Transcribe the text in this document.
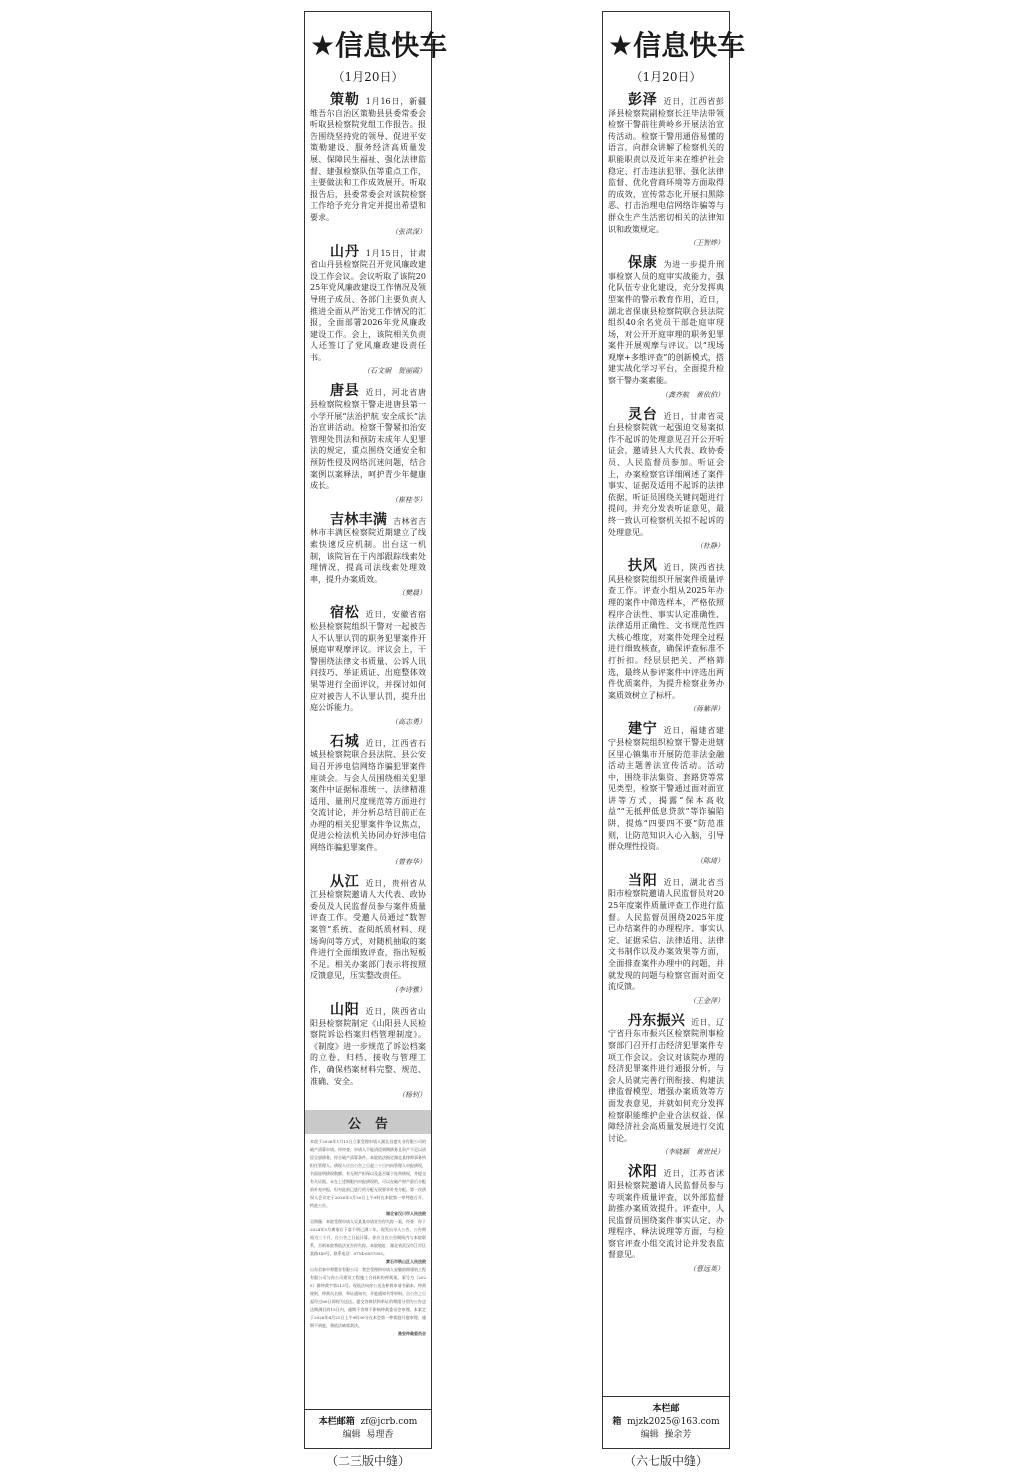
★信息快车
（1月20日）

策勒 1月16日，新疆维吾尔自治区策勒县县委常委会听取县检察院党组工作报告。报告围绕坚持党的领导、促进平安策勒建设、服务经济高质量发展、保障民生福祉、强化法律监督、建强检察队伍等重点工作，主要做法和工作成效展开。听取报告后，县委常委会对该院检察工作给予充分肯定并提出希望和要求。

（张洪深）

山丹 1月15日，甘肃省山丹县检察院召开党风廉政建设工作会议。会议听取了该院2025年党风廉政建设工作情况及领导班子成员、各部门主要负责人推进全面从严治党工作情况的汇报，全面部署2026年党风廉政建设工作。会上，该院相关负责人还签订了党风廉政建设责任书。

（石文炯　贺丽霞）

唐县 近日，河北省唐县检察院检察干警走进唐县第一小学开展“法治护航 安全成长”法治宣讲活动。检察干警紧扣治安管理处罚法和预防未成年人犯罪法的规定，重点围绕交通安全和预防性侵及网络沉迷问题，结合案例以案释法，呵护青少年健康成长。

（崔桂苓）

吉林丰满 吉林省吉林市丰满区检察院近期建立了线索快速反应机制。出台这一机制，该院旨在于内部跟踪线索处理情况，提高司法线索处理效率，提升办案质效。

（樊晨）

宿松 近日，安徽省宿松县检察院组织干警对一起被告人不认罪认罚的职务犯罪案件开展庭审观摩评议。评议会上，干警围绕法律文书质量、公诉人讯问技巧、举证质证、出庭整体效果等进行全面评议，并探讨如何应对被告人不认罪认罚，提升出庭公诉能力。

（高志勇）

石城 近日，江西省石城县检察院联合县法院、县公安局召开涉电信网络诈骗犯罪案件座谈会。与会人员围绕相关犯罪案件中证据标准统一、法律精准适用、量刑尺度规范等方面进行交流讨论，并分析总结目前正在办理的相关犯罪案件争议焦点，促进公检法机关协同办好涉电信网络诈骗犯罪案件。

（曾春华）

从江 近日，贵州省从江县检察院邀请人大代表、政协委员及人民监督员参与案件质量评查工作。受邀人员通过“数智案管”系统、查阅纸质材料、现场询问等方式，对随机抽取的案件进行全面细致评查，指出短板不足。相关办案部门表示将按照反馈意见，压实整改责任。

（李诗雅）

山阳 近日，陕西省山阳县检察院制定《山阳县人民检察院诉讼档案归档管理制度》。《制度》进一步规范了诉讼档案的立卷、归档、接收与管理工作，确保档案材料完整、规范、准确、安全。

（杨钊）
公告
本院于2026年1月13日立案受理申请人湖北昌盛实业有限公司的破产清算申请。经审查，申请人不能清偿到期债务且资产不足以清偿全部债务，符合破产清算条件。本院依法指定湖北某律师事务所担任管理人。债权人应自公告之日起三十日内向管理人申报债权，书面说明债权数额、有无财产担保以及是否属于连带债权，并提交有关证据。未在上述期限内申报债权的，可以在破产财产最后分配前补充申报，但对此前已进行的分配无权要求补充分配。第一次债权人会议定于2026年3月20日上午9时在本院第一审判庭召开。特此公告。
湖北省汉川市人民法院
吴锦薇：本院受理申请人吴某某申请宣告你失踪一案，经查：你于2024年5月离家后下落不明已满二年。现发出寻人公告，公告期间为三个月，自公告之日起计算。你应当在公告期间内与本院联系，否则本院将依法宣告你失踪。本院地址：湖北省武汉市江岸区某路149号，联系电话：0714-6557055。
黄石市铁山区人民法院
山东君泰中和置业有限公司：我会受理的申请人安徽前锦建筑工程有限公司与你公司建设工程施工合同纠纷仲裁案，案号为（2025）滁仲裁字第213号。现依法向你公送达仲裁申请书副本、仲裁规则、仲裁员名册、举证通知书、开庭通知书等材料。自公告之日起经过60日即视为送达。提交答辩状和举证的期限分别为公告送达期满后的15日内，逾期不答辩不影响仲裁委员会审理。本案定于2026年4月21日上午9时30分在本会第一仲裁庭开庭审理，逾期不到庭，将依法缺席裁决。
淮安仲裁委员会
本栏邮箱 zf@jcrb.com
编辑 易理香
（二三版中缝）
★信息快车
（1月20日）

彭泽 近日，江西省彭泽县检察院副检察长汪毕法带领检察干警前往黄岭乡开展法治宣传活动。检察干警用通俗易懂的语言，向群众讲解了检察机关的职能职责以及近年来在维护社会稳定、打击违法犯罪、强化法律监督、优化营商环境等方面取得的成效，宣传常态化开展扫黑除恶、打击治理电信网络诈骗等与群众生产生活密切相关的法律知识和政策规定。

（王智烨）

保康 为进一步提升刑事检察人员的庭审实战能力，强化队伍专业化建设，充分发挥典型案件的警示教育作用，近日，湖北省保康县检察院联合县法院组织40余名党员干部赴庭审现场，对公开开庭审理的职务犯罪案件开展观摩与评议。以“现场观摩+多维评查”的创新模式，搭建实战化学习平台，全面提升检察干警办案素能。

（龚齐航　黄依伯）

灵台 近日，甘肃省灵台县检察院就一起强迫交易案拟作不起诉的处理意见召开公开听证会，邀请县人大代表、政协委员、人民监督员参加。听证会上，办案检察官详细阐述了案件事实、证据及适用不起诉的法律依据，听证员围绕关键问题进行提问，并充分发表听证意见，最终一致认可检察机关拟不起诉的处理意见。

（杜静）

扶风 近日，陕西省扶风县检察院组织开展案件质量评查工作。评查小组从2025年办理的案件中筛选样本，严格依照程序合法性、事实认定准确性、法律适用正确性、文书规范性四大核心维度，对案件处理全过程进行细致核查，确保评查标准不打折扣。经层层把关、严格筛选，最终从参评案件中评选出两件优质案件，为提升检察业务办案质效树立了标杆。

（蒋紫萍）

建宁 近日，福建省建宁县检察院组织检察干警走进辖区里心镇集市开展防范非法金融活动主题普法宣传活动。活动中，围绕非法集资、套路贷等常见类型，检察干警通过面对面宣讲等方式，揭露“保本高收益”“无抵押低息贷款”等诈骗陷阱，提炼“四要四不要”防范准则，让防范知识入心入脑，引导群众理性投资。

（陈琦）

当阳 近日，湖北省当阳市检察院邀请人民监督员对2025年度案件质量评查工作进行监督。人民监督员围绕2025年度已办结案件的办理程序、事实认定、证据采信、法律适用、法律文书制作以及办案效果等方面，全面排查案件办理中的问题，并就发现的问题与检察官面对面交流反馈。

（王金萍）

丹东振兴 近日，辽宁省丹东市振兴区检察院刑事检察部门召开打击经济犯罪案件专项工作会议。会议对该院办理的经济犯罪案件进行通报分析，与会人员就完善行刑衔接、构建法律监督模型、增强办案质效等方面发表意见，并就如何充分发挥检察职能维护企业合法权益、保障经济社会高质量发展进行交流讨论。

（李晓颖　黄世民）

沭阳 近日，江苏省沭阳县检察院邀请人民监督员参与专项案件质量评查，以外部监督助推办案质效提升。评查中，人民监督员围绕案件事实认定、办理程序、释法说理等方面，与检察官评查小组交流讨论并发表监督意见。

（曹远英）
本栏邮箱 mjzk2025@163.com
编辑 操余芳
（六七版中缝）
